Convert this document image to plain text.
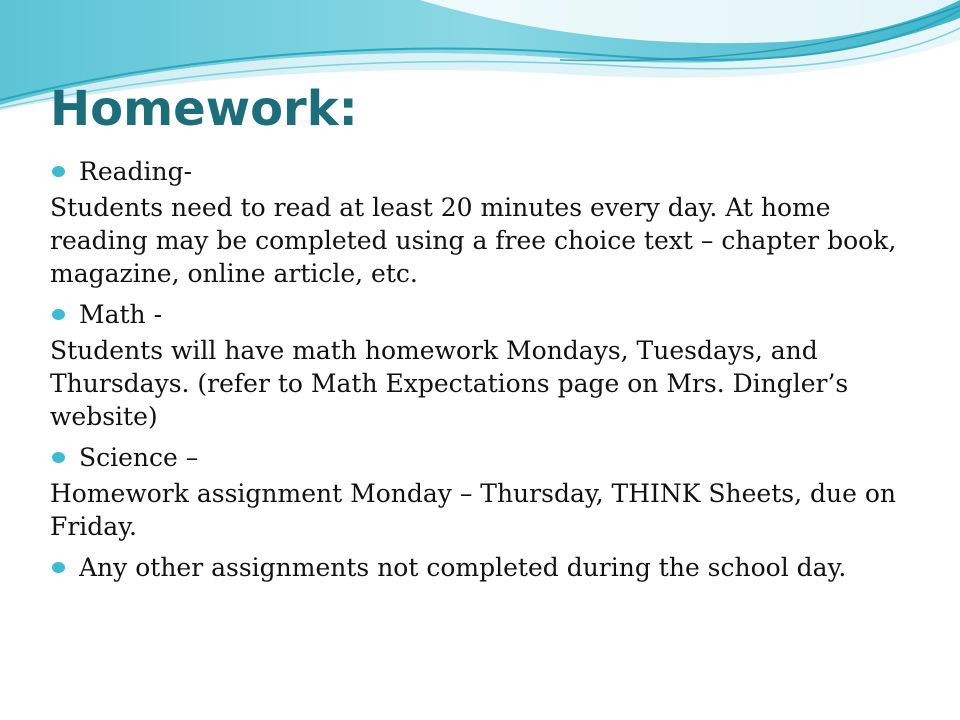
Homework:
Reading-
Students need to read at least 20 minutes every day. At home reading may be completed using a free choice text – chapter book, magazine, online article, etc.
Math -
Students will have math homework Mondays, Tuesdays, and Thursdays. (refer to Math Expectations page on Mrs. Dingler’s website)
Science –
Homework assignment Monday – Thursday, THINK Sheets, due on Friday.
Any other assignments not completed during the school day.
